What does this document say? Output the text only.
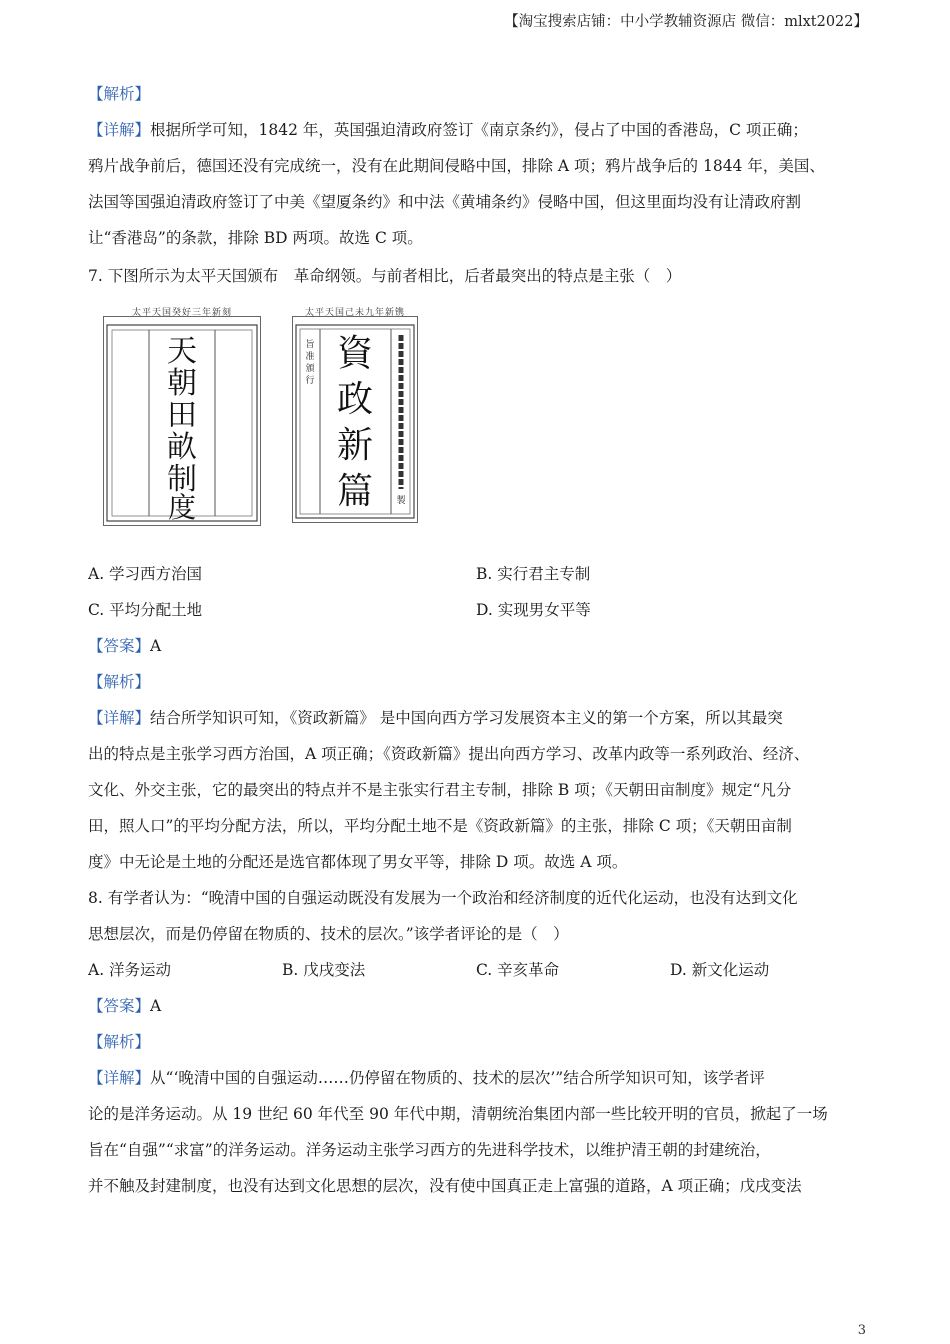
【淘宝搜索店铺：中小学教辅资源店 微信：mlxt2022】
【解析】
【详解】根据所学可知，1842 年，英国强迫清政府签订《南京条约》，侵占了中国的香港岛，C 项正确；
鸦片战争前后，德国还没有完成统一，没有在此期间侵略中国，排除 A 项；鸦片战争后的 1844 年，美国、
法国等国强迫清政府签订了中美《望厦条约》和中法《黄埔条约》侵略中国，但这里面均没有让清政府割
让“香港岛”的条款，排除 BD 两项。故选 C 项。
7. 下图所示为太平天国颁布　革命纲领。与前者相比，后者最突出的特点是主张（　）
太平天国癸好三年新刻
天
朝
田
畝
制
度
太平天国己未九年新镌
旨
准
頒
行
資
政
新
篇	製
A. 学习西方治国	B. 实行君主专制
C. 平均分配土地	D. 实现男女平等
【答案】A
【解析】
【详解】结合所学知识可知，《资政新篇》 是中国向西方学习发展资本主义的第一个方案，所以其最突
出的特点是主张学习西方治国，A 项正确；《资政新篇》提出向西方学习、改革内政等一系列政治、经济、
文化、外交主张，它的最突出的特点并不是主张实行君主专制，排除 B 项；《天朝田亩制度》规定“凡分
田，照人口”的平均分配方法，所以，平均分配土地不是《资政新篇》的主张，排除 C 项；《天朝田亩制
度》中无论是土地的分配还是选官都体现了男女平等，排除 D 项。故选 A 项。
8. 有学者认为：“晚清中国的自强运动既没有发展为一个政治和经济制度的近代化运动，也没有达到文化
思想层次，而是仍停留在物质的、技术的层次。”该学者评论的是（　）
A. 洋务运动	B. 戊戌变法	C. 辛亥革命	D. 新文化运动
【答案】A
【解析】
【详解】从“‘晚清中国的自强运动……仍停留在物质的、技术的层次’”结合所学知识可知，该学者评
论的是洋务运动。从 19 世纪 60 年代至 90 年代中期，清朝统治集团内部一些比较开明的官员，掀起了一场
旨在“自强”“求富”的洋务运动。洋务运动主张学习西方的先进科学技术，以维护清王朝的封建统治，
并不触及封建制度，也没有达到文化思想的层次，没有使中国真正走上富强的道路，A 项正确；戊戌变法
3
